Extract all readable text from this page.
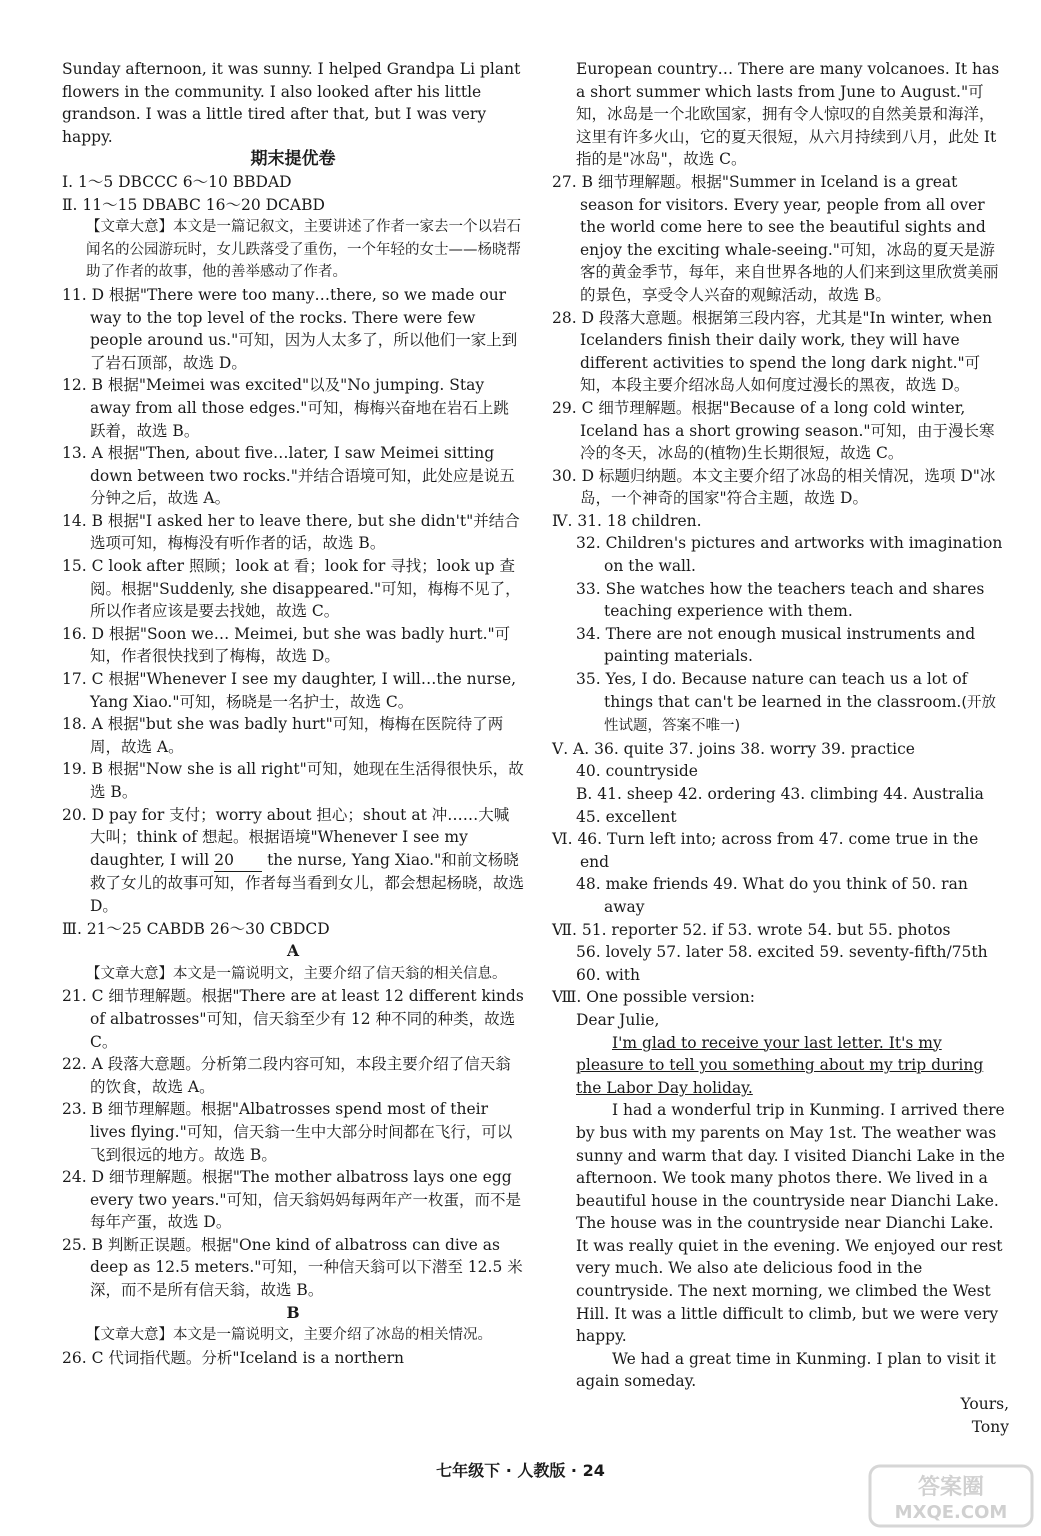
Sunday afternoon, it was sunny. I helped Grandpa Li plant flowers in the community. I also looked after his little grandson. I was a little tired after that, but I was very happy.

期末提优卷

Ⅰ. 1～5 DBCCC 6～10 BBDAD

Ⅱ. 11～15 DBABC 16～20 DCABD

【文章大意】本文是一篇记叙文，主要讲述了作者一家去一个以岩石闻名的公园游玩时，女儿跌落受了重伤，一个年轻的女士——杨晓帮助了作者的故事，他的善举感动了作者。

11. D 根据"There were too many…there, so we made our way to the top level of the rocks. There were few people around us."可知，因为人太多了，所以他们一家上到了岩石顶部，故选 D。

12. B 根据"Meimei was excited"以及"No jumping. Stay away from all those edges."可知，梅梅兴奋地在岩石上跳跃着，故选 B。

13. A 根据"Then, about five…later, I saw Meimei sitting down between two rocks."并结合语境可知，此处应是说五分钟之后，故选 A。

14. B 根据"I asked her to leave there, but she didn't"并结合选项可知，梅梅没有听作者的话，故选 B。

15. C look after 照顾；look at 看；look for 寻找；look up 查阅。根据"Suddenly, she disappeared."可知，梅梅不见了，所以作者应该是要去找她，故选 C。

16. D 根据"Soon we… Meimei, but she was badly hurt."可知，作者很快找到了梅梅，故选 D。

17. C 根据"Whenever I see my daughter, I will…the nurse, Yang Xiao."可知，杨晓是一名护士，故选 C。

18. A 根据"but she was badly hurt"可知，梅梅在医院待了两周，故选 A。

19. B 根据"Now she is all right"可知，她现在生活得很快乐，故选 B。

20. D pay for 支付；worry about 担心；shout at 冲……大喊大叫；think of 想起。根据语境"Whenever I see my daughter, I will 20 the nurse, Yang Xiao."和前文杨晓救了女儿的故事可知，作者每当看到女儿，都会想起杨晓，故选 D。

Ⅲ. 21～25 CABDB 26～30 CBDCD

A

【文章大意】本文是一篇说明文，主要介绍了信天翁的相关信息。

21. C 细节理解题。根据"There are at least 12 different kinds of albatrosses"可知，信天翁至少有 12 种不同的种类，故选 C。

22. A 段落大意题。分析第二段内容可知，本段主要介绍了信天翁的饮食，故选 A。

23. B 细节理解题。根据"Albatrosses spend most of their lives flying."可知，信天翁一生中大部分时间都在飞行，可以飞到很远的地方。故选 B。

24. D 细节理解题。根据"The mother albatross lays one egg every two years."可知，信天翁妈妈每两年产一枚蛋，而不是每年产蛋，故选 D。

25. B 判断正误题。根据"One kind of albatross can dive as deep as 12.5 meters."可知，一种信天翁可以下潜至 12.5 米深，而不是所有信天翁，故选 B。

B

【文章大意】本文是一篇说明文，主要介绍了冰岛的相关情况。

26. C 代词指代题。分析"Iceland is a northern

European country… There are many volcanoes. It has a short summer which lasts from June to August."可知，冰岛是一个北欧国家，拥有令人惊叹的自然美景和海洋，这里有许多火山，它的夏天很短，从六月持续到八月，此处 It 指的是"冰岛"，故选 C。

27. B 细节理解题。根据"Summer in Iceland is a great season for visitors. Every year, people from all over the world come here to see the beautiful sights and enjoy the exciting whale-seeing."可知，冰岛的夏天是游客的黄金季节，每年，来自世界各地的人们来到这里欣赏美丽的景色，享受令人兴奋的观鲸活动，故选 B。

28. D 段落大意题。根据第三段内容，尤其是"In winter, when Icelanders finish their daily work, they will have different activities to spend the long dark night."可知，本段主要介绍冰岛人如何度过漫长的黑夜，故选 D。

29. C 细节理解题。根据"Because of a long cold winter, Iceland has a short growing season."可知，由于漫长寒冷的冬天，冰岛的(植物)生长期很短，故选 C。

30. D 标题归纳题。本文主要介绍了冰岛的相关情况，选项 D"冰岛，一个神奇的国家"符合主题，故选 D。

Ⅳ. 31. 18 children.

32. Children's pictures and artworks with imagination on the wall.

33. She watches how the teachers teach and shares teaching experience with them.

34. There are not enough musical instruments and painting materials.

35. Yes, I do. Because nature can teach us a lot of things that can't be learned in the classroom.(开放性试题，答案不唯一)

Ⅴ. A. 36. quite 37. joins 38. worry 39. practice

40. countryside

B. 41. sheep 42. ordering 43. climbing 44. Australia

45. excellent

Ⅵ. 46. Turn left into; across from 47. come true in the end

48. make friends 49. What do you think of 50. ran away

Ⅶ. 51. reporter 52. if 53. wrote 54. but 55. photos

56. lovely 57. later 58. excited 59. seventy-fifth/75th

60. with

Ⅷ. One possible version:

Dear Julie,

I'm glad to receive your last letter. It's my pleasure to tell you something about my trip during the Labor Day holiday.

I had a wonderful trip in Kunming. I arrived there by bus with my parents on May 1st. The weather was sunny and warm that day. I visited Dianchi Lake in the afternoon. We took many photos there. We lived in a beautiful house in the countryside near Dianchi Lake. The house was in the countryside near Dianchi Lake. It was really quiet in the evening. We enjoyed our rest very much. We also ate delicious food in the countryside. The next morning, we climbed the West Hill. It was a little difficult to climb, but we were very happy.

We had a great time in Kunming. I plan to visit it again someday.

Yours,

Tony

七年级下 · 人教版 · 24
答案圈
MXQE.COM
